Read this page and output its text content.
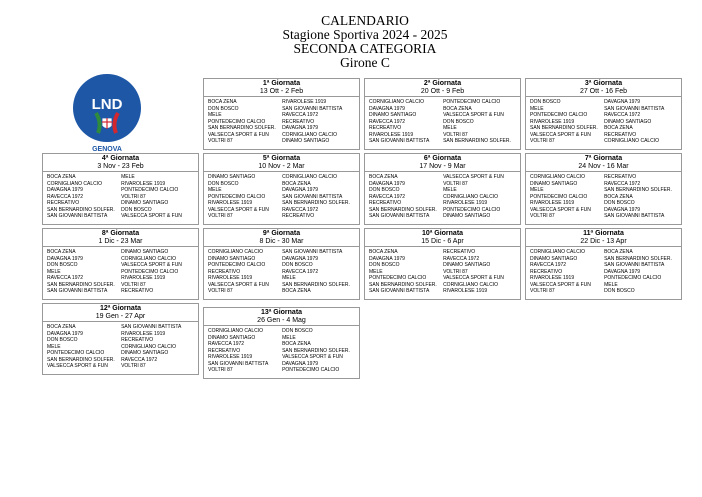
CALENDARIO
Stagione Sportiva 2024 - 2025
SECONDA CATEGORIA
Girone C
LND
GENOVA
1ª Giornata
13 Ott - 2 Feb
BOCA ZENA	RIVAROLESE 1919
DON BOSCO	SAN GIOVANNI BATTISTA
MELE	RAVECCA 1972
PONTEDECIMO CALCIO	RECREATIVO
SAN BERNARDINO SOLFER.	DAVAGNA 1979
VALSECCA SPORT & FUN	CORNIGLIANO CALCIO
VOLTRI 87	DINAMO SANTIAGO
2ª Giornata
20 Ott - 9 Feb
CORNIGLIANO CALCIO	PONTEDECIMO CALCIO
DAVAGNA 1979	BOCA ZENA
DINAMO SANTIAGO	VALSECCA SPORT & FUN
RAVECCA 1972	DON BOSCO
RECREATIVO	MELE
RIVAROLESE 1919	VOLTRI 87
SAN GIOVANNI BATTISTA	SAN BERNARDINO SOLFER.
3ª Giornata
27 Ott - 16 Feb
DON BOSCO	DAVAGNA 1979
MELE	SAN GIOVANNI BATTISTA
PONTEDECIMO CALCIO	RAVECCA 1972
RIVAROLESE 1919	DINAMO SANTIAGO
SAN BERNARDINO SOLFER.	BOCA ZENA
VALSECCA SPORT & FUN	RECREATIVO
VOLTRI 87	CORNIGLIANO CALCIO
4ª Giornata
3 Nov - 23 Feb
BOCA ZENA	MELE
CORNIGLIANO CALCIO	RIVAROLESE 1919
DAVAGNA 1979	PONTEDECIMO CALCIO
RAVECCA 1972	VOLTRI 87
RECREATIVO	DINAMO SANTIAGO
SAN BERNARDINO SOLFER.	DON BOSCO
SAN GIOVANNI BATTISTA	VALSECCA SPORT & FUN
5ª Giornata
10 Nov - 2 Mar
DINAMO SANTIAGO	CORNIGLIANO CALCIO
DON BOSCO	BOCA ZENA
MELE	DAVAGNA 1979
PONTEDECIMO CALCIO	SAN GIOVANNI BATTISTA
RIVAROLESE 1919	SAN BERNARDINO SOLFER.
VALSECCA SPORT & FUN	RAVECCA 1972
VOLTRI 87	RECREATIVO
6ª Giornata
17 Nov - 9 Mar
BOCA ZENA	VALSECCA SPORT & FUN
DAVAGNA 1979	VOLTRI 87
DON BOSCO	MELE
RAVECCA 1972	CORNIGLIANO CALCIO
RECREATIVO	RIVAROLESE 1919
SAN BERNARDINO SOLFER.	PONTEDECIMO CALCIO
SAN GIOVANNI BATTISTA	DINAMO SANTIAGO
7ª Giornata
24 Nov - 16 Mar
CORNIGLIANO CALCIO	RECREATIVO
DINAMO SANTIAGO	RAVECCA 1972
MELE	SAN BERNARDINO SOLFER.
PONTEDECIMO CALCIO	BOCA ZENA
RIVAROLESE 1919	DON BOSCO
VALSECCA SPORT & FUN	DAVAGNA 1979
VOLTRI 87	SAN GIOVANNI BATTISTA
8ª Giornata
1 Dic - 23 Mar
BOCA ZENA	DINAMO SANTIAGO
DAVAGNA 1979	CORNIGLIANO CALCIO
DON BOSCO	VALSECCA SPORT & FUN
MELE	PONTEDECIMO CALCIO
RAVECCA 1972	RIVAROLESE 1919
SAN BERNARDINO SOLFER.	VOLTRI 87
SAN GIOVANNI BATTISTA	RECREATIVO
9ª Giornata
8 Dic - 30 Mar
CORNIGLIANO CALCIO	SAN GIOVANNI BATTISTA
DINAMO SANTIAGO	DAVAGNA 1979
PONTEDECIMO CALCIO	DON BOSCO
RECREATIVO	RAVECCA 1972
RIVAROLESE 1919	MELE
VALSECCA SPORT & FUN	SAN BERNARDINO SOLFER.
VOLTRI 87	BOCA ZENA
10ª Giornata
15 Dic - 6 Apr
BOCA ZENA	RECREATIVO
DAVAGNA 1979	RAVECCA 1972
DON BOSCO	DINAMO SANTIAGO
MELE	VOLTRI 87
PONTEDECIMO CALCIO	VALSECCA SPORT & FUN
SAN BERNARDINO SOLFER.	CORNIGLIANO CALCIO
SAN GIOVANNI BATTISTA	RIVAROLESE 1919
11ª Giornata
22 Dic - 13 Apr
CORNIGLIANO CALCIO	BOCA ZENA
DINAMO SANTIAGO	SAN BERNARDINO SOLFER.
RAVECCA 1972	SAN GIOVANNI BATTISTA
RECREATIVO	DAVAGNA 1979
RIVAROLESE 1919	PONTEDECIMO CALCIO
VALSECCA SPORT & FUN	MELE
VOLTRI 87	DON BOSCO
12ª Giornata
19 Gen - 27 Apr
BOCA ZENA	SAN GIOVANNI BATTISTA
DAVAGNA 1979	RIVAROLESE 1919
DON BOSCO	RECREATIVO
MELE	CORNIGLIANO CALCIO
PONTEDECIMO CALCIO	DINAMO SANTIAGO
SAN BERNARDINO SOLFER.	RAVECCA 1972
VALSECCA SPORT & FUN	VOLTRI 87
13ª Giornata
26 Gen - 4 Mag
CORNIGLIANO CALCIO	DON BOSCO
DINAMO SANTIAGO	MELE
RAVECCA 1972	BOCA ZENA
RECREATIVO	SAN BERNARDINO SOLFER.
RIVAROLESE 1919	VALSECCA SPORT & FUN
SAN GIOVANNI BATTISTA	DAVAGNA 1979
VOLTRI 87	PONTEDECIMO CALCIO
